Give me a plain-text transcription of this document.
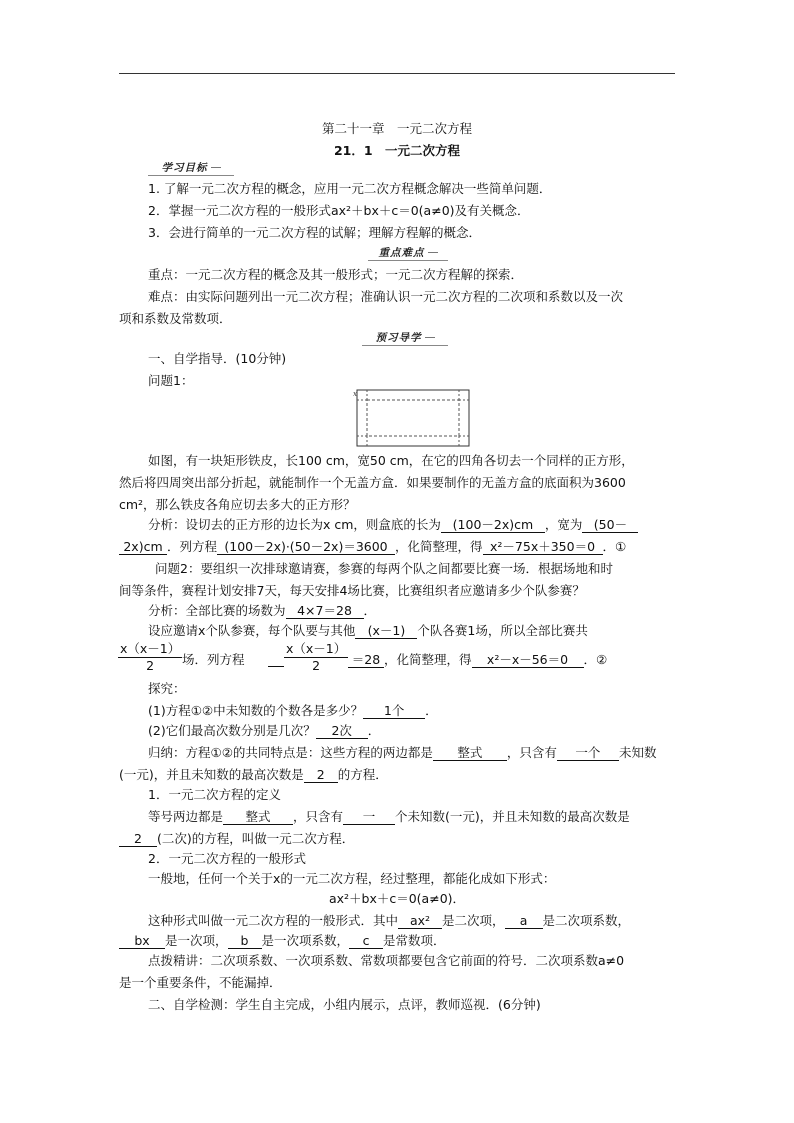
第二十一章　一元二次方程
21．1　一元二次方程
学习目标
1. 了解一元二次方程的概念，应用一元二次方程概念解决一些简单问题．
2．掌握一元二次方程的一般形式ax²＋bx＋c＝0(a≠0)及有关概念．
3．会进行简单的一元二次方程的试解；理解方程解的概念．
重点难点
重点：一元二次方程的概念及其一般形式；一元二次方程解的探索．
难点：由实际问题列出一元二次方程；准确认识一元二次方程的二次项和系数以及一次
项和系数及常数项．
预习导学
一、自学指导．(10分钟)
问题1：
x
如图，有一块矩形铁皮，长100 cm，宽50 cm，在它的四角各切去一个同样的正方形，
然后将四周突出部分折起，就能制作一个无盖方盒．如果要制作的无盖方盒的底面积为3600
cm²，那么铁皮各角应切去多大的正方形？
分析：设切去的正方形的边长为x cm，则盒底的长为 (100－2x)cm ，宽为 (50－
2x)cm ．列方程 (100－2x)·(50－2x)＝3600 ，化简整理，得 x²－75x＋350＝0 ．①
问题2：要组织一次排球邀请赛，参赛的每两个队之间都要比赛一场．根据场地和时
间等条件，赛程计划安排7天，每天安排4场比赛，比赛组织者应邀请多少个队参赛？
分析：全部比赛的场数为 4×7＝28 ．
设应邀请x个队参赛，每个队要与其他 (x－1) 个队各赛1场，所以全部比赛共
$\frac{x(x-1)}{2}$ 场．列方程	$\frac{x(x-1)}{2} =28$ ，化简整理，得 x²－x－56＝0 ．②
探究：
(1)方程①②中未知数的个数各是多少？ 1个 ．
(2)它们最高次数分别是几次？ 2次 ．
归纳：方程①②的共同特点是：这些方程的两边都是 整式 ，只含有 一个 未知数
(一元)，并且未知数的最高次数是 2 的方程．
1．一元二次方程的定义
等号两边都是 整式 ，只含有 一 个未知数(一元)，并且未知数的最高次数是
2 (二次)的方程，叫做一元二次方程．
2．一元二次方程的一般形式
一般地，任何一个关于x的一元二次方程，经过整理，都能化成如下形式：
ax²＋bx＋c＝0(a≠0)．
这种形式叫做一元二次方程的一般形式．其中 ax² 是二次项， a 是二次项系数，
bx 是一次项， b 是一次项系数， c 是常数项．
点拨精讲：二次项系数、一次项系数、常数项都要包含它前面的符号．二次项系数a≠0
是一个重要条件，不能漏掉．
二、自学检测：学生自主完成，小组内展示，点评，教师巡视．(6分钟)
